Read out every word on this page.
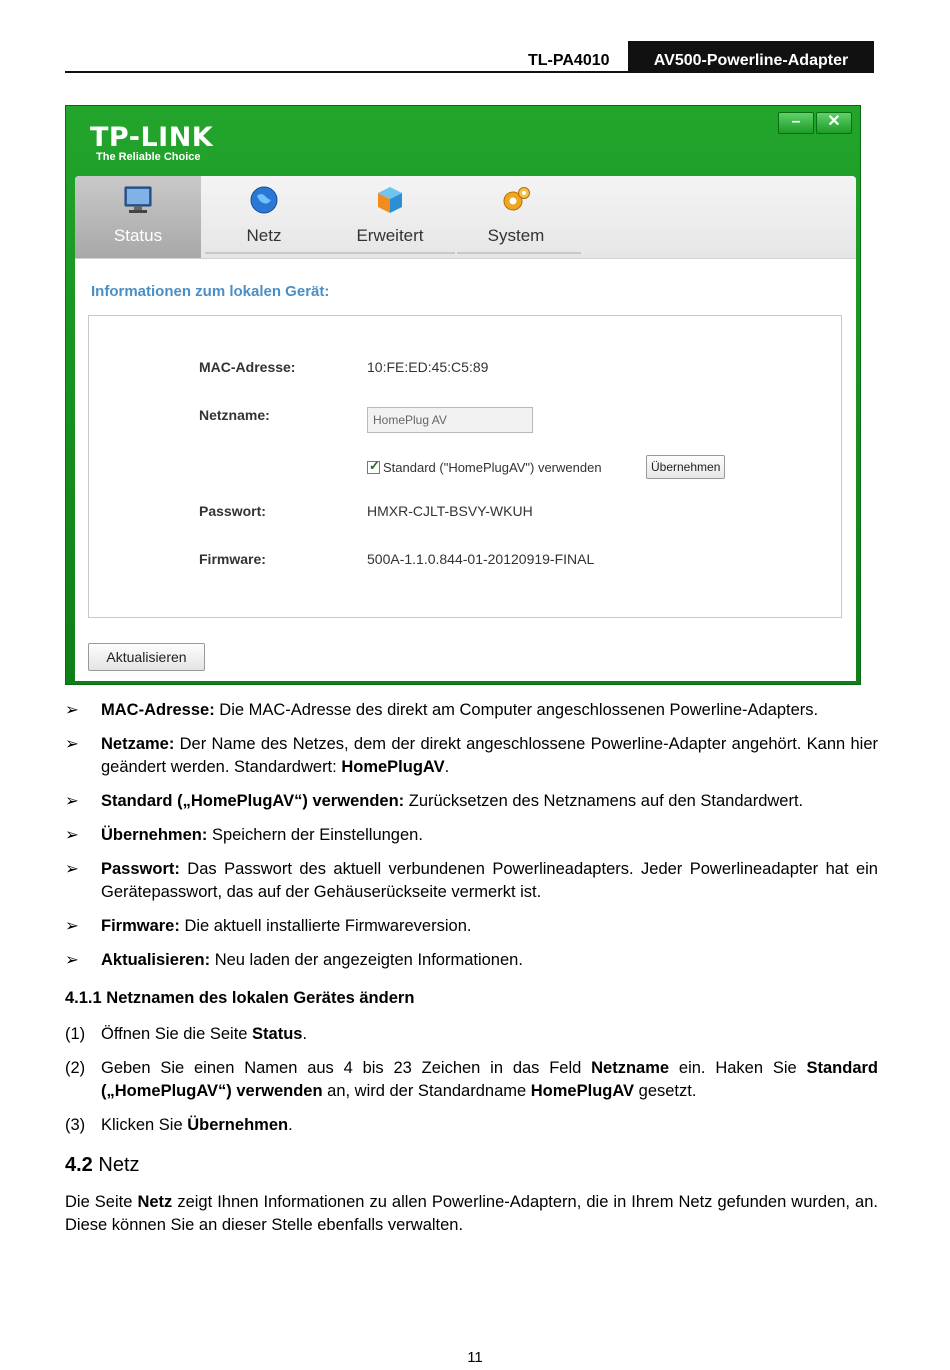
TL-PA4010	AV500-Powerline-Adapter
TP-LINK
The Reliable Choice
–	✕
Status	Netz	Erweitert	System
Informationen zum lokalen Gerät:
MAC-Adresse:	10:FE:ED:45:C5:89
Netzname:	HomePlug AV
✓ Standard ("HomePlugAV") verwenden	Übernehmen
Passwort:	HMXR-CJLT-BSVY-WKUH
Firmware:	500A-1.1.0.844-01-20120919-FINAL
Aktualisieren
➢	MAC-Adresse: Die MAC-Adresse des direkt am Computer angeschlossenen Powerline-Adapters.
➢	Netzame: Der Name des Netzes, dem der direkt angeschlossene Powerline-Adapter angehört. Kann hier geändert werden. Standardwert: HomePlugAV.
➢	Standard („HomePlugAV“) verwenden: Zurücksetzen des Netznamens auf den Standardwert.
➢	Übernehmen: Speichern der Einstellungen.
➢	Passwort: Das Passwort des aktuell verbundenen Powerlineadapters. Jeder Powerlineadapter hat ein Gerätepasswort, das auf der Gehäuserückseite vermerkt ist.
➢	Firmware: Die aktuell installierte Firmwareversion.
➢	Aktualisieren: Neu laden der angezeigten Informationen.
4.1.1 Netznamen des lokalen Gerätes ändern
(1) Öffnen Sie die Seite Status.
(2) Geben Sie einen Namen aus 4 bis 23 Zeichen in das Feld Netzname ein. Haken Sie Standard („HomePlugAV“) verwenden an, wird der Standardname HomePlugAV gesetzt.
(3) Klicken Sie Übernehmen.
4.2 Netz
Die Seite Netz zeigt Ihnen Informationen zu allen Powerline-Adaptern, die in Ihrem Netz gefunden wurden, an. Diese können Sie an dieser Stelle ebenfalls verwalten.
11
